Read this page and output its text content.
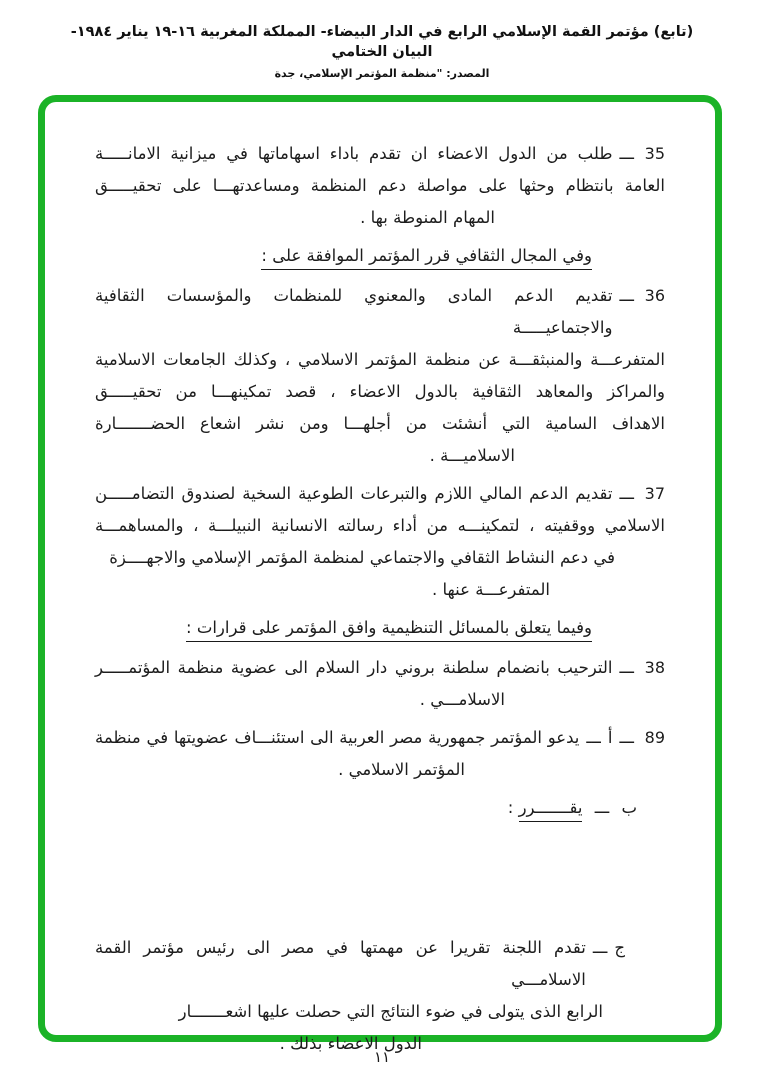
(تابع) مؤتمر القمة الإسلامي الرابع في الدار البيضاء- المملكة المغربية ١٦-١٩ يناير ١٩٨٤- البيان الختامي
المصدر: "منظمة المؤتمر الإسلامي، جدة
35
ـــ
طلب من الدول الاعضاء ان تقدم باداء اسهاماتها في ميزانية الامانـــــة
العامة بانتظام وحثها على مواصلة دعم المنظمة ومساعدتهـــا على تحقيـــــق
المهام المنوطة بها .
وفي المجال الثقافي قرر المؤتمر الموافقة على :
36
ـــ
تقديم الدعم المادى والمعنوي للمنظمات والمؤسسات الثقافية والاجتماعيـــــة
المتفرعـــة والمنبثقـــة عن منظمة المؤتمر الاسلامي ، وكذلك الجامعات الاسلامية
والمراكز والمعاهد الثقافية بالدول الاعضاء ، قصد تمكينهـــا من تحقيـــــق
الاهداف السامية التي أنشئت من أجلهـــا ومن نشر اشعاع الحضـــــــارة
الاسلاميـــة .
37
ـــ
تقديم الدعم المالي اللازم والتبرعات الطوعية السخية لصندوق التضامـــــن
الاسلامي ووقفيته ، لتمكينـــه من أداء رسالته الانسانية النبيلـــة ، والمساهمـــة
في دعم النشاط الثقافي والاجتماعي لمنظمة المؤتمر الإسلامي والاجهــــزة
المتفرعـــة عنها .
وفيما يتعلق بالمسائل التنظيمية وافق المؤتمر على قرارات :
38
ـــ
الترحيب بانضمام سلطنة بروني دار السلام الى عضوية منظمة المؤتمـــــر
الاسلامـــي .
89
ـــ
أ
ـــ
يدعو المؤتمر جمهورية مصر العربية الى استئنـــاف عضويتها في منظمة
المؤتمر الاسلامي .
ب ـــ يقـــــــرر :
ج
ـــ
تقدم اللجنة تقريرا عن مهمتها في مصر الى رئيس مؤتمر القمة الاسلامـــي
الرابع الذى يتولى في ضوء النتائج التي حصلت عليها اشعـــــــار
الدول الاعضاء بذلك .
١١
